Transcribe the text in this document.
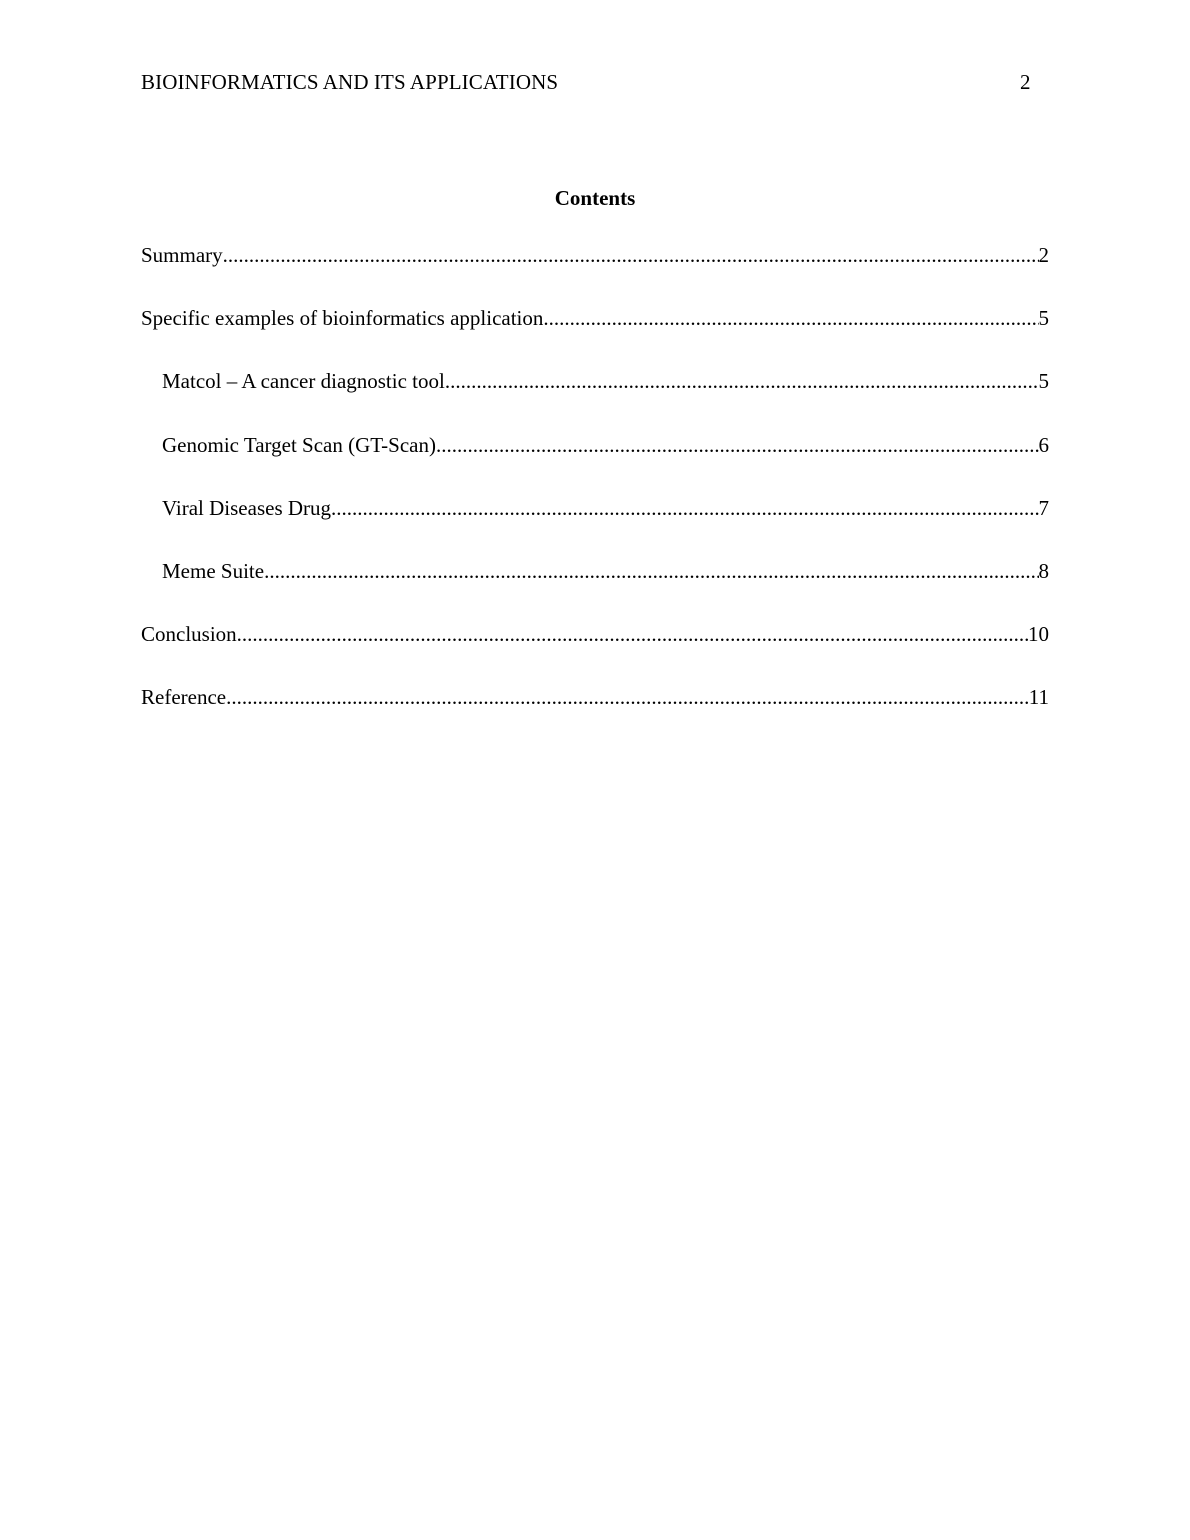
BIOINFORMATICS AND ITS APPLICATIONS	2
Contents
Summary .....	2
Specific examples of bioinformatics application .....	5
Matcol – A cancer diagnostic tool .....	5
Genomic Target Scan (GT-Scan) .....	6
Viral Diseases Drug .....	7
Meme Suite .....	8
Conclusion .....	10
Reference .....	11
